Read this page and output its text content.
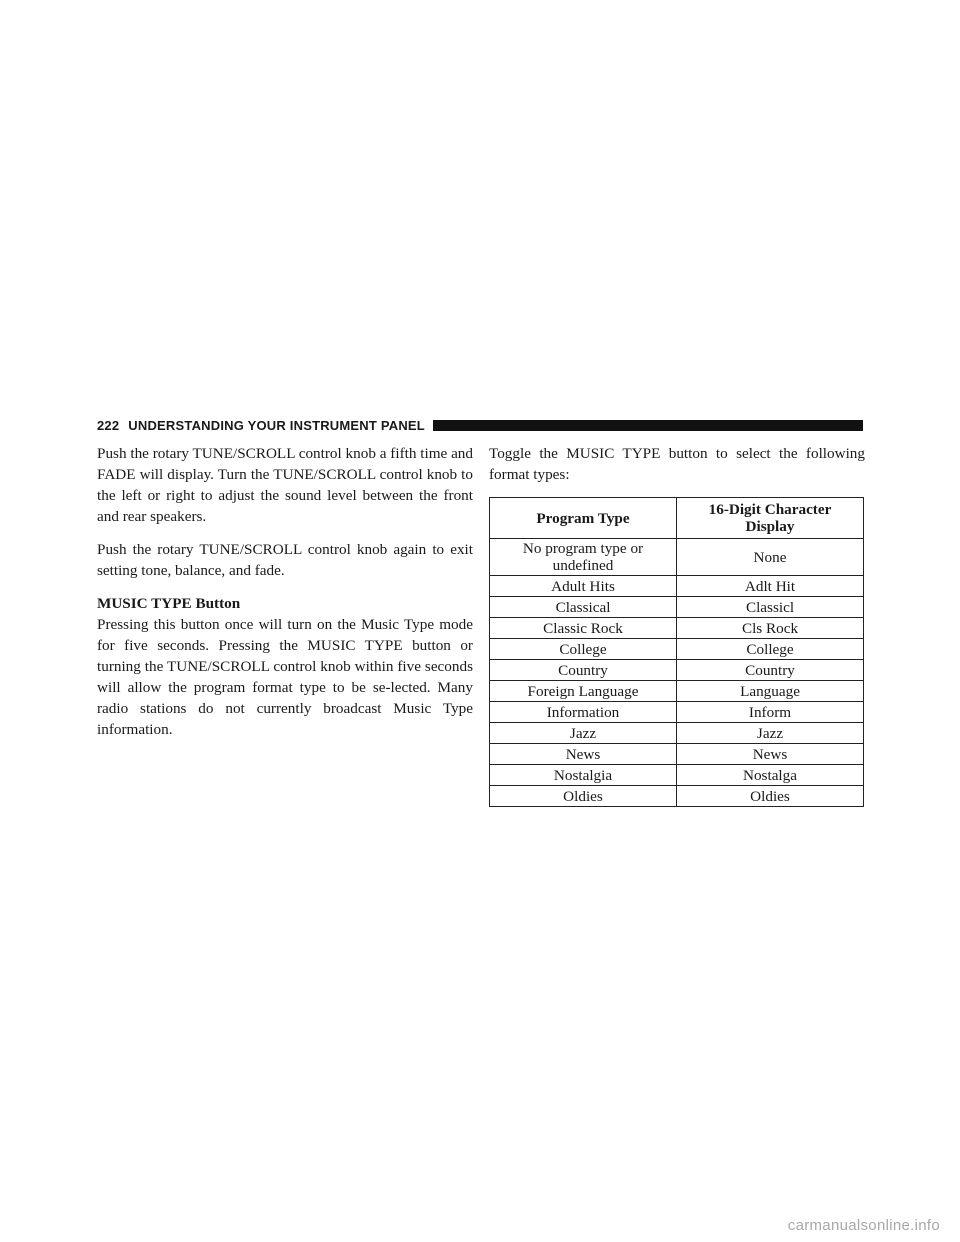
222 UNDERSTANDING YOUR INSTRUMENT PANEL

Push the rotary TUNE/SCROLL control knob a fifth time and FADE will display. Turn the TUNE/SCROLL control knob to the left or right to adjust the sound level between the front and rear speakers.

Push the rotary TUNE/SCROLL control knob again to exit setting tone, balance, and fade.

MUSIC TYPE Button

Pressing this button once will turn on the Music Type mode for five seconds. Pressing the MUSIC TYPE button or turning the TUNE/SCROLL control knob within five seconds will allow the program format type to be se-lected. Many radio stations do not currently broadcast Music Type information.

Toggle the MUSIC TYPE button to select the following format types:

Program Type	16-Digit Character Display
No program type or undefined	None
Adult Hits	Adlt Hit
Classical	Classicl
Classic Rock	Cls Rock
College	College
Country	Country
Foreign Language	Language
Information	Inform
Jazz	Jazz
News	News
Nostalgia	Nostalga
Oldies	Oldies
carmanualsonline.info
